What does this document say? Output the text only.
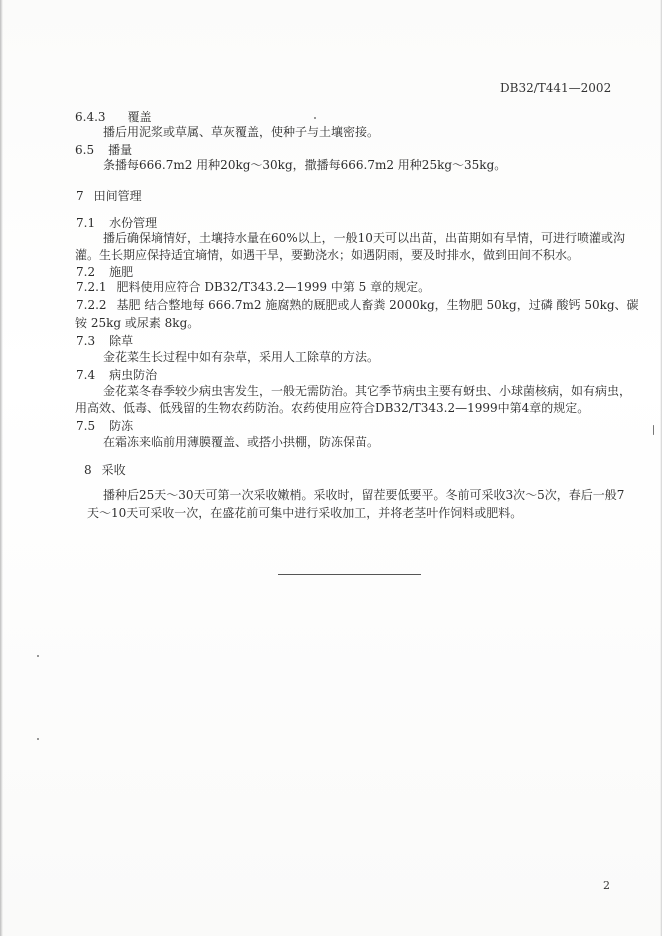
DB32/T441—2002
6.4.3 覆盖
播后用泥浆或草属、草灰覆盖，使种子与土壤密接。
6.5 播量
条播每666.7m2 用种20kg～30kg，撒播每666.7m2 用种25kg～35kg。
7 田间管理
7.1 水份管理
播后确保墒情好，土壤持水量在60%以上，一般10天可以出苗，出苗期如有旱情，可进行喷灌或沟
灌。生长期应保持适宜墒情，如遇干旱，要勤浇水；如遇阴雨，要及时排水，做到田间不积水。
7.2 施肥
7.2.1 肥料使用应符合 DB32/T343.2—1999 中第 5 章的规定。
7.2.2 基肥 结合整地每 666.7m2 施腐熟的厩肥或人畜粪 2000kg，生物肥 50kg，过磷 酸钙 50kg、碳
铵 25kg 或尿素 8kg。
7.3 除草
金花菜生长过程中如有杂草，采用人工除草的方法。
7.4 病虫防治
金花菜冬春季较少病虫害发生，一般无需防治。其它季节病虫主要有蚜虫、小球菌核病，如有病虫，
用高效、低毒、低残留的生物农药防治。农药使用应符合DB32/T343.2—1999中第4章的规定。
7.5 防冻
在霜冻来临前用薄膜覆盖、或搭小拱棚，防冻保苗。
8 采收
播种后25天～30天可第一次采收嫩梢。采收时，留茬要低要平。冬前可采收3次～5次，春后一般7
天～10天可采收一次，在盛花前可集中进行采收加工，并将老茎叶作饲料或肥料。
2
